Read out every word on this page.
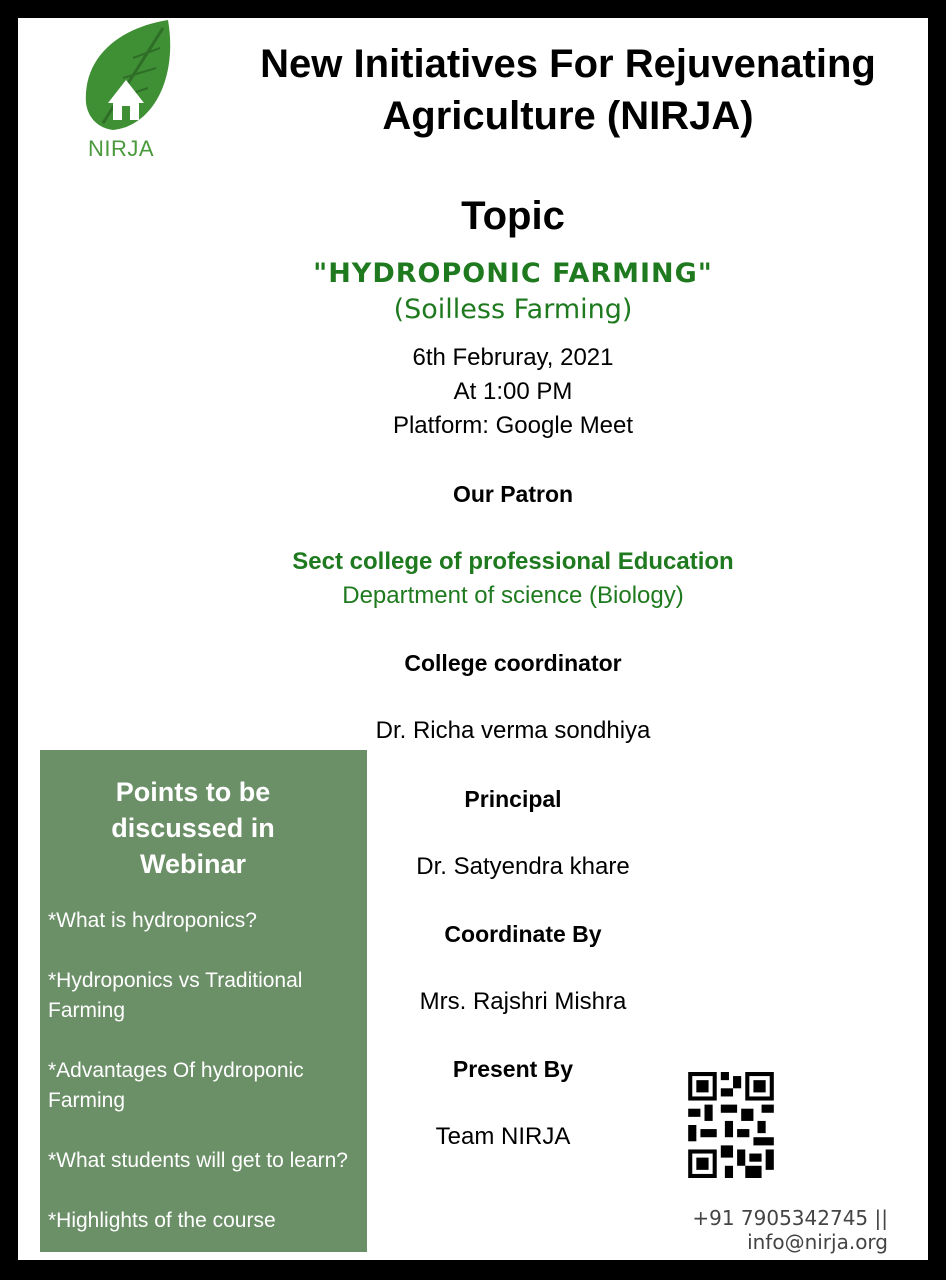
NIRJA
New Initiatives For Rejuvenating
Agriculture (NIRJA)
Topic
"HYDROPONIC FARMING"
(Soilless Farming)
6th Februray, 2021
At 1:00 PM
Platform: Google Meet
Our Patron
Sect college of professional Education
Department of science (Biology)
College coordinator
Dr. Richa verma sondhiya
Principal
Dr. Satyendra khare
Coordinate By
Mrs. Rajshri Mishra
Present By
Team NIRJA
Points to be
discussed in
Webinar
*What is hydroponics?
*Hydroponics vs Traditional Farming
*Advantages Of hydroponic Farming
*What students will get to learn?
*Highlights of the course	+91 7905342745 || info@nirja.org
